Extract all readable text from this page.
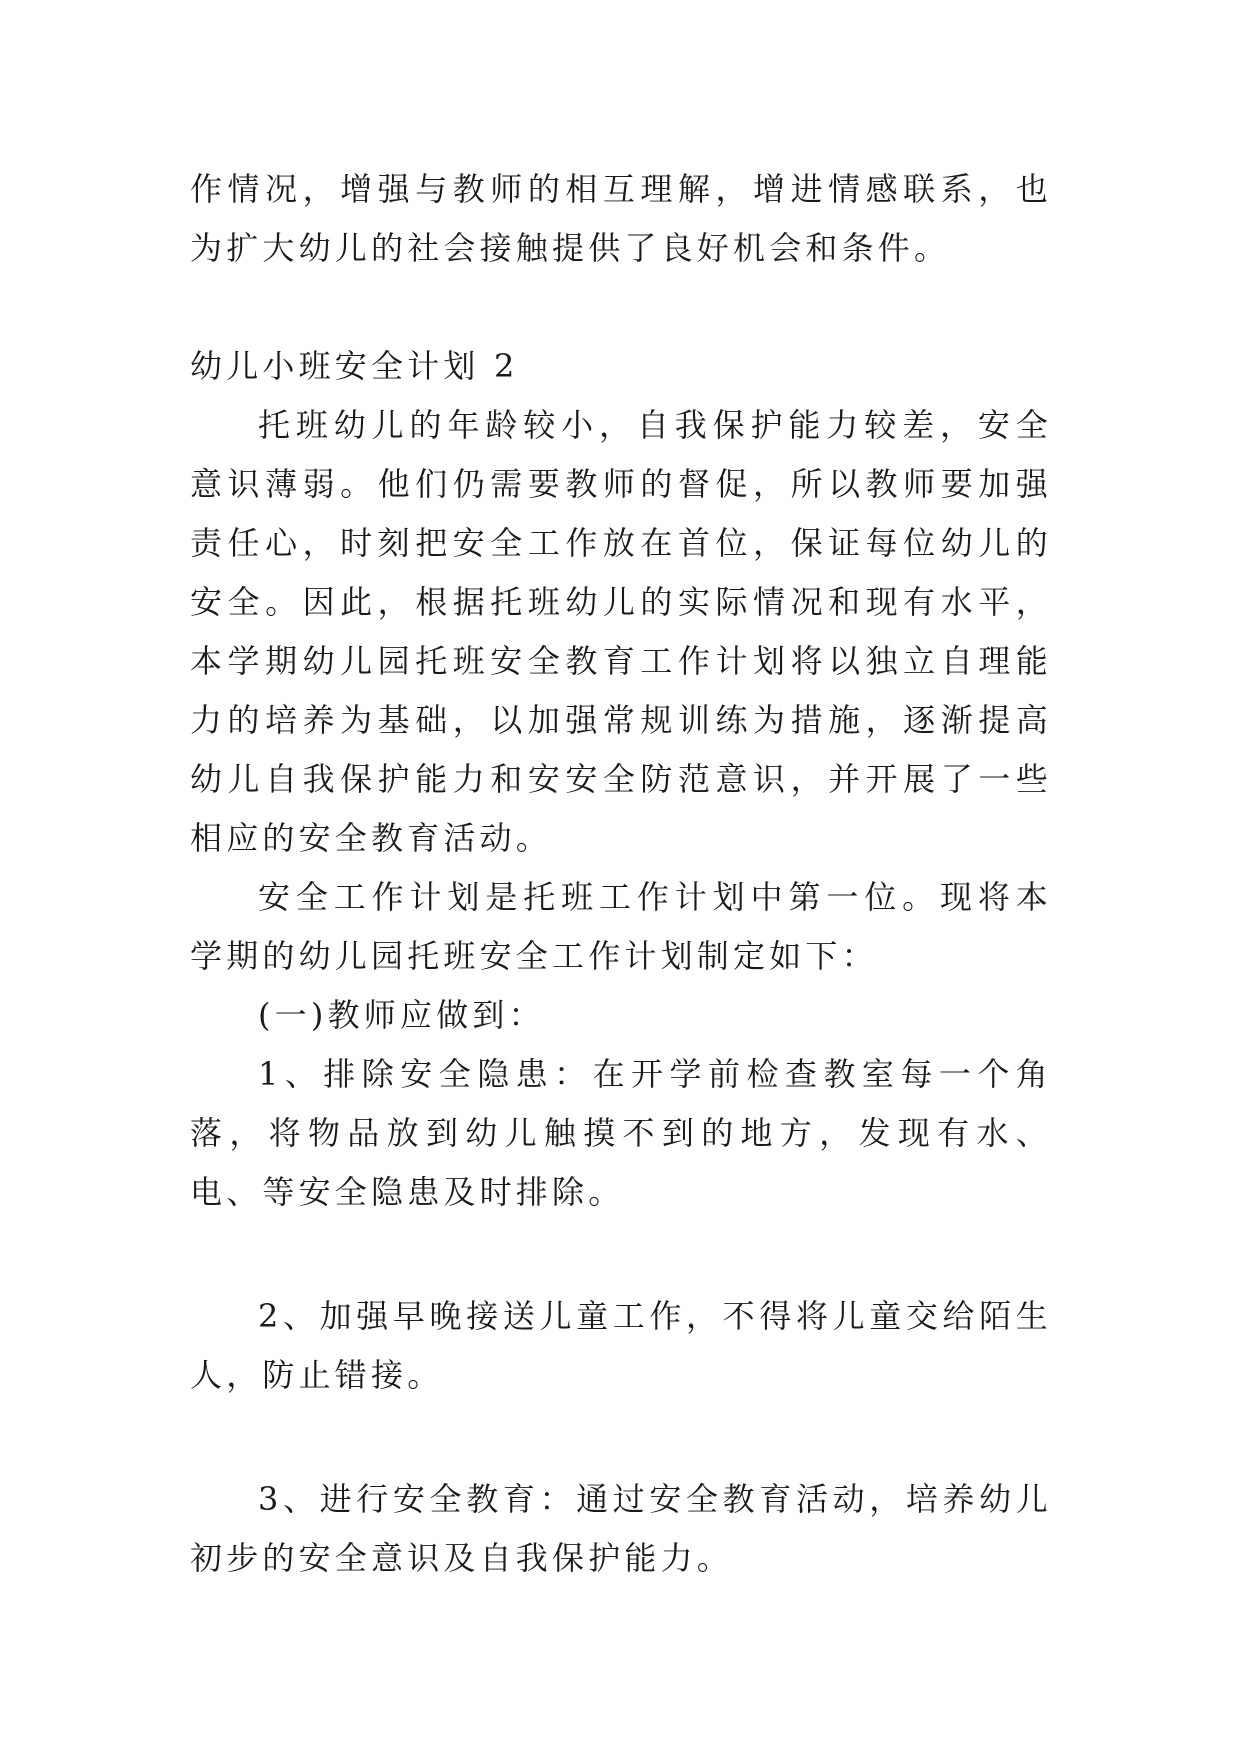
作情况，增强与教师的相互理解，增进情感联系，也为扩大幼儿的社会接触提供了良好机会和条件。

幼儿小班安全计划 2

托班幼儿的年龄较小，自我保护能力较差，安全意识薄弱。他们仍需要教师的督促，所以教师要加强责任心，时刻把安全工作放在首位，保证每位幼儿的安全。因此，根据托班幼儿的实际情况和现有水平，本学期幼儿园托班安全教育工作计划将以独立自理能力的培养为基础，以加强常规训练为措施，逐渐提高幼儿自我保护能力和安安全防范意识，并开展了一些相应的安全教育活动。

安全工作计划是托班工作计划中第一位。现将本学期的幼儿园托班安全工作计划制定如下：

(一)教师应做到：

1、排除安全隐患：在开学前检查教室每一个角落，将物品放到幼儿触摸不到的地方，发现有水、电、等安全隐患及时排除。

2、加强早晚接送儿童工作，不得将儿童交给陌生人，防止错接。

3、进行安全教育：通过安全教育活动，培养幼儿初步的安全意识及自我保护能力。
